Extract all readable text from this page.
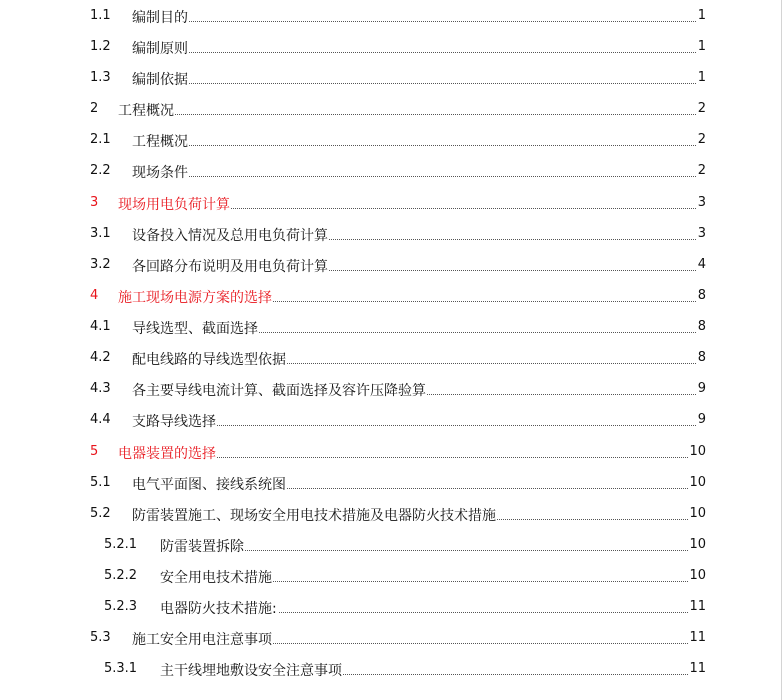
1.1 编制目的	1
1.2 编制原则	1
1.3 编制依据	1
2 工程概况	2
2.1 工程概况	2
2.2 现场条件	2
3 现场用电负荷计算	3
3.1 设备投入情况及总用电负荷计算	3
3.2 各回路分布说明及用电负荷计算	4
4 施工现场电源方案的选择	8
4.1 导线选型、截面选择	8
4.2 配电线路的导线选型依据	8
4.3 各主要导线电流计算、截面选择及容许压降验算	9
4.4 支路导线选择	9
5 电器装置的选择	10
5.1 电气平面图、接线系统图	10
5.2 防雷装置施工、现场安全用电技术措施及电器防火技术措施	10
5.2.1 防雷装置拆除	10
5.2.2 安全用电技术措施	10
5.2.3 电器防火技术措施:	11
5.3 施工安全用电注意事项	11
5.3.1 主干线埋地敷设安全注意事项	11
